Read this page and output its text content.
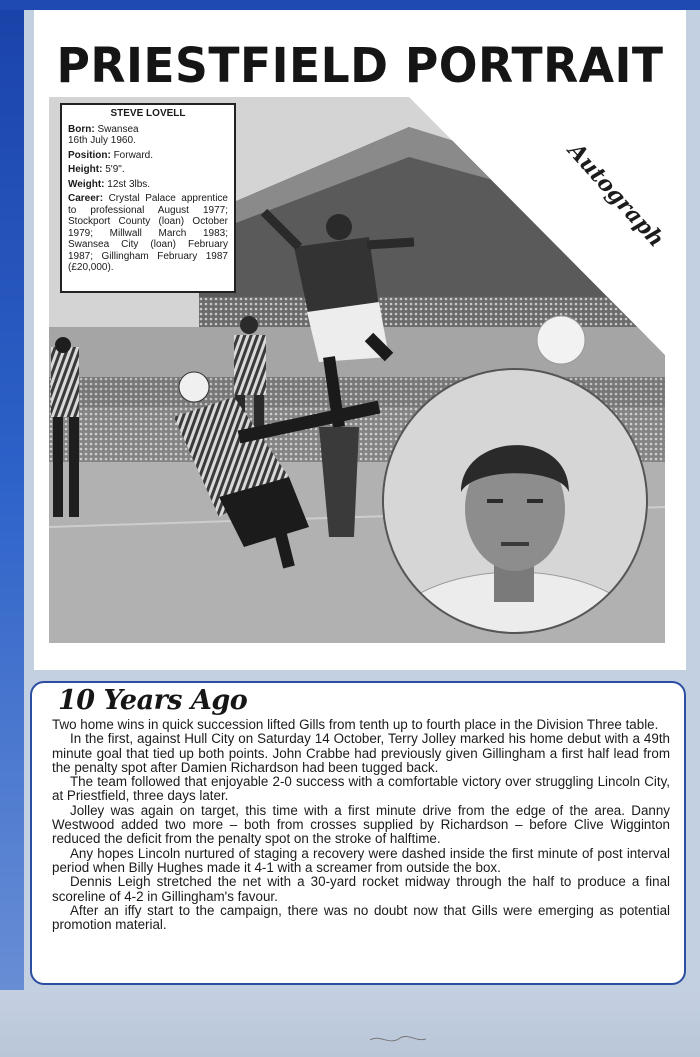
PRIESTFIELD PORTRAIT
Autograph
STEVE LOVELL

Born: Swansea
16th July 1960.

Position: Forward.

Height: 5'9".

Weight: 12st 3lbs.

Career: Crystal Palace apprentice to professional August 1977; Stockport County (loan) October 1979; Millwall March 1983; Swansea City (loan) February 1987; Gillingham February 1987 (£20,000).

10 Years Ago

Two home wins in quick succession lifted Gills from tenth up to fourth place in the Division Three table.

In the first, against Hull City on Saturday 14 October, Terry Jolley marked his home debut with a 49th minute goal that tied up both points. John Crabbe had previously given Gillingham a first half lead from the penalty spot after Damien Richardson had been tugged back.

The team followed that enjoyable 2-0 success with a comfortable victory over struggling Lincoln City, at Priestfield, three days later.

Jolley was again on target, this time with a first minute drive from the edge of the area. Danny Westwood added two more – both from crosses supplied by Richardson – before Clive Wigginton reduced the deficit from the penalty spot on the stroke of halftime.

Any hopes Lincoln nurtured of staging a recovery were dashed inside the first minute of post interval period when Billy Hughes made it 4-1 with a screamer from outside the box.

Dennis Leigh stretched the net with a 30-yard rocket midway through the half to produce a final scoreline of 4-2 in Gillingham's favour.

After an iffy start to the campaign, there was no doubt now that Gills were emerging as potential promotion material.
